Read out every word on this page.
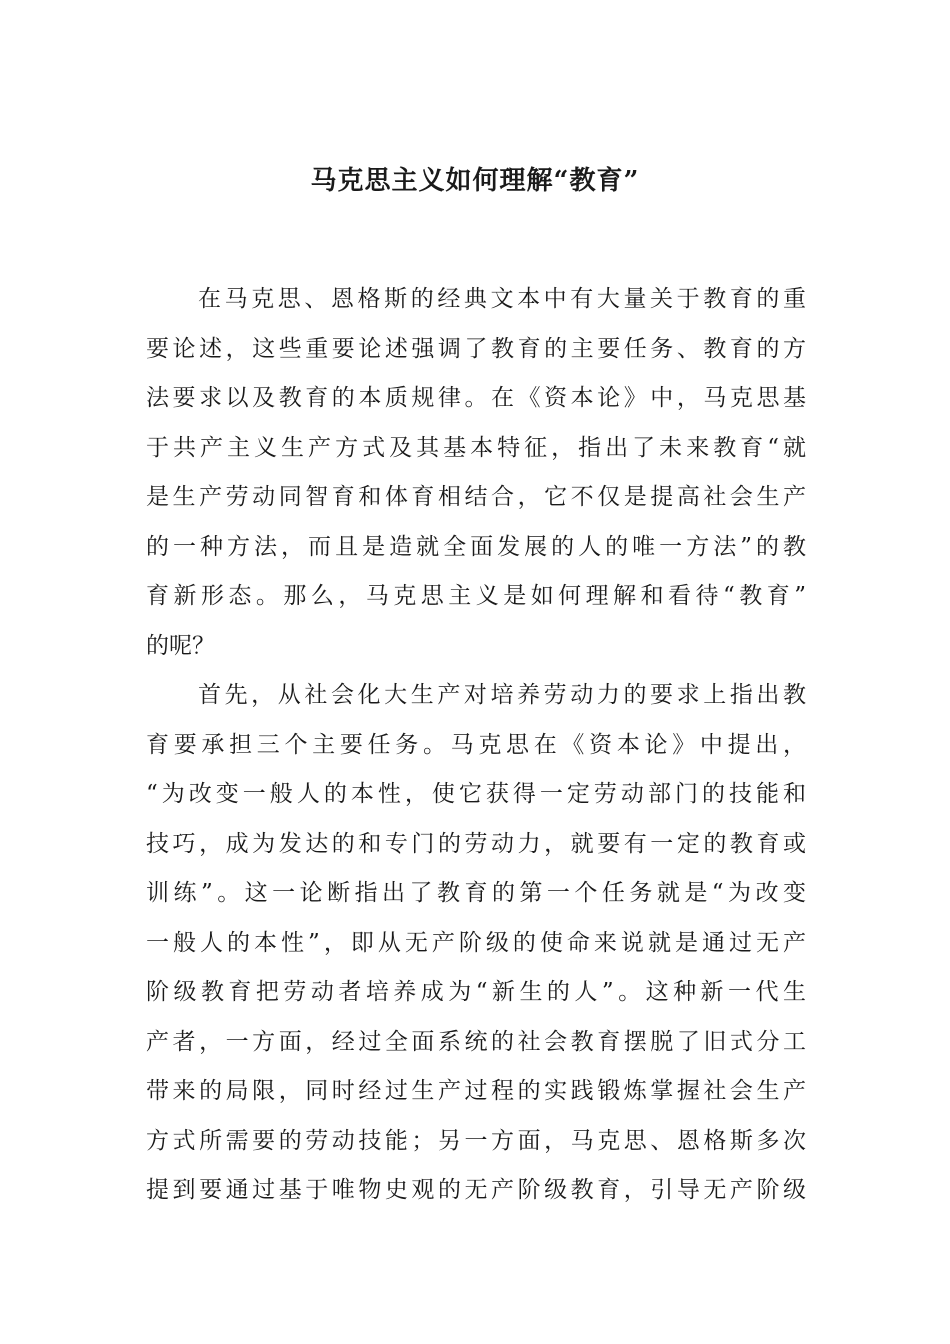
马克思主义如何理解“教育”
在马克思、恩格斯的经典文本中有大量关于教育的重
要论述，这些重要论述强调了教育的主要任务、教育的方
法要求以及教育的本质规律。在《资本论》中，马克思基
于共产主义生产方式及其基本特征，指出了未来教育“就
是生产劳动同智育和体育相结合，它不仅是提高社会生产
的一种方法，而且是造就全面发展的人的唯一方法”的教
育新形态。那么，马克思主义是如何理解和看待“教育”
的呢？
首先，从社会化大生产对培养劳动力的要求上指出教
育要承担三个主要任务。马克思在《资本论》中提出，
“为改变一般人的本性，使它获得一定劳动部门的技能和
技巧，成为发达的和专门的劳动力，就要有一定的教育或
训练”。这一论断指出了教育的第一个任务就是“为改变
一般人的本性”，即从无产阶级的使命来说就是通过无产
阶级教育把劳动者培养成为“新生的人”。这种新一代生
产者，一方面，经过全面系统的社会教育摆脱了旧式分工
带来的局限，同时经过生产过程的实践锻炼掌握社会生产
方式所需要的劳动技能；另一方面，马克思、恩格斯多次
提到要通过基于唯物史观的无产阶级教育，引导无产阶级
